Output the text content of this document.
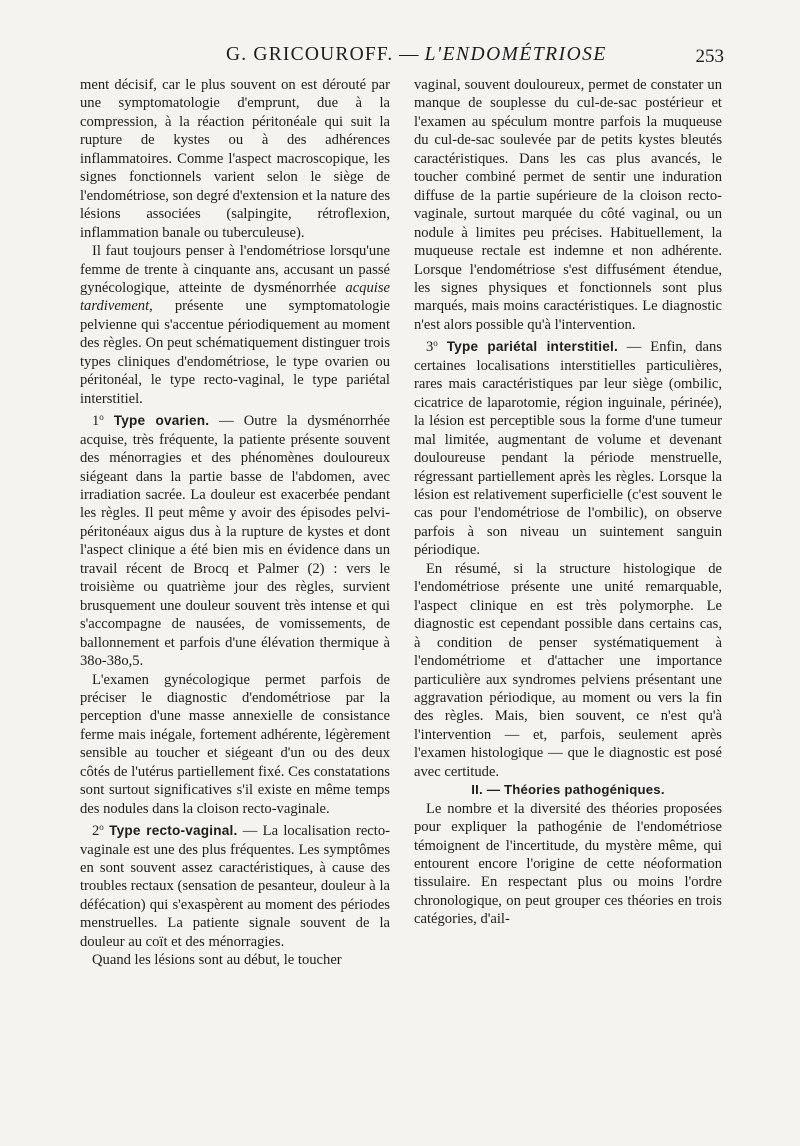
G. GRICOUROFF. — L'ENDOMÉTRIOSE	253

ment décisif, car le plus souvent on est dérouté par une symptomatologie d'emprunt, due à la compression, à la réaction péritonéale qui suit la rupture de kystes ou à des adhérences inflammatoires. Comme l'aspect macroscopique, les signes fonctionnels varient selon le siège de l'endométriose, son degré d'extension et la nature des lésions associées (salpingite, rétroflexion, inflammation banale ou tuberculeuse).

Il faut toujours penser à l'endométriose lorsqu'une femme de trente à cinquante ans, accusant un passé gynécologique, atteinte de dysménorrhée acquise tardivement, présente une symptomatologie pelvienne qui s'accentue périodiquement au moment des règles. On peut schématiquement distinguer trois types cliniques d'endométriose, le type ovarien ou péritonéal, le type recto-vaginal, le type pariétal interstitiel.

1$^o$ Type ovarien. — Outre la dysménorrhée acquise, très fréquente, la patiente présente souvent des ménorragies et des phénomènes douloureux siégeant dans la partie basse de l'abdomen, avec irradiation sacrée. La douleur est exacerbée pendant les règles. Il peut même y avoir des épisodes pelvi-péritonéaux aigus dus à la rupture de kystes et dont l'aspect clinique a été bien mis en évidence dans un travail récent de Brocq et Palmer (2) : vers le troisième ou quatrième jour des règles, survient brusquement une douleur souvent très intense et qui s'accompagne de nausées, de vomissements, de ballonnement et parfois d'une élévation thermique à 38o-38o,5.

L'examen gynécologique permet parfois de préciser le diagnostic d'endométriose par la perception d'une masse annexielle de consistance ferme mais inégale, fortement adhérente, légèrement sensible au toucher et siégeant d'un ou des deux côtés de l'utérus partiellement fixé. Ces constatations sont surtout significatives s'il existe en même temps des nodules dans la cloison recto-vaginale.

2$^o$ Type recto-vaginal. — La localisation recto-vaginale est une des plus fréquentes. Les symptômes en sont souvent assez caractéristiques, à cause des troubles rectaux (sensation de pesanteur, douleur à la défécation) qui s'exaspèrent au moment des périodes menstruelles. La patiente signale souvent de la douleur au coït et des ménorragies.

Quand les lésions sont au début, le toucher

vaginal, souvent douloureux, permet de constater un manque de souplesse du cul-de-sac postérieur et l'examen au spéculum montre parfois la muqueuse du cul-de-sac soulevée par de petits kystes bleutés caractéristiques. Dans les cas plus avancés, le toucher combiné permet de sentir une induration diffuse de la partie supérieure de la cloison recto-vaginale, surtout marquée du côté vaginal, ou un nodule à limites peu précises. Habituellement, la muqueuse rectale est indemne et non adhérente. Lorsque l'endométriose s'est diffusément étendue, les signes physiques et fonctionnels sont plus marqués, mais moins caractéristiques. Le diagnostic n'est alors possible qu'à l'intervention.

3$^o$ Type pariétal interstitiel. — Enfin, dans certaines localisations interstitielles particulières, rares mais caractéristiques par leur siège (ombilic, cicatrice de laparotomie, région inguinale, périnée), la lésion est perceptible sous la forme d'une tumeur mal limitée, augmentant de volume et devenant douloureuse pendant la période menstruelle, régressant partiellement après les règles. Lorsque la lésion est relativement superficielle (c'est souvent le cas pour l'endométriose de l'ombilic), on observe parfois à son niveau un suintement sanguin périodique.

En résumé, si la structure histologique de l'endométriose présente une unité remarquable, l'aspect clinique en est très polymorphe. Le diagnostic est cependant possible dans certains cas, à condition de penser systématiquement à l'endométriome et d'attacher une importance particulière aux syndromes pelviens présentant une aggravation périodique, au moment ou vers la fin des règles. Mais, bien souvent, ce n'est qu'à l'intervention — et, parfois, seulement après l'examen histologique — que le diagnostic est posé avec certitude.

II. — Théories pathogéniques.

Le nombre et la diversité des théories proposées pour expliquer la pathogénie de l'endométriose témoignent de l'incertitude, du mystère même, qui entourent encore l'origine de cette néoformation tissulaire. En respectant plus ou moins l'ordre chronologique, on peut grouper ces théories en trois catégories, d'ail-
